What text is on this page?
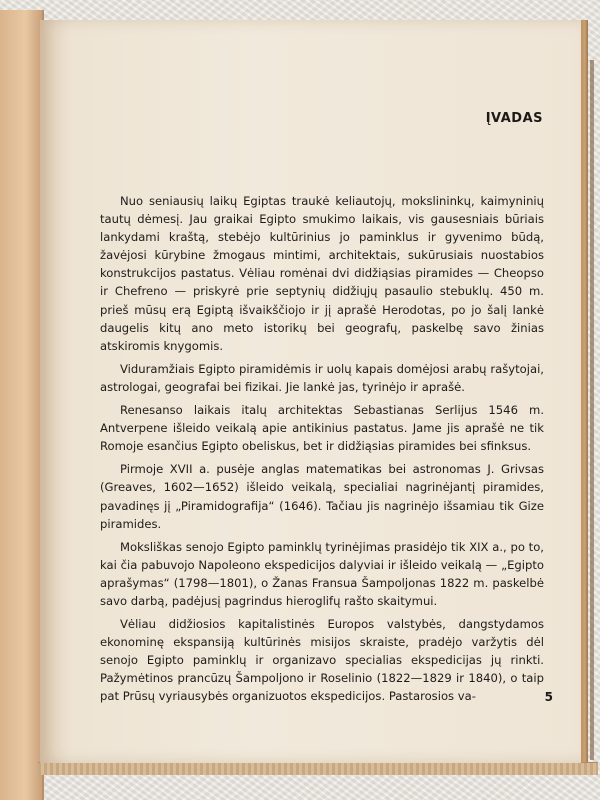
ĮVADAS

Nuo seniausių laikų Egiptas traukė keliautojų, mokslininkų, kaimyninių tautų dėmesį. Jau graikai Egipto smukimo laikais, vis gausesniais būriais lankydami kraštą, stebėjo kultūrinius jo paminklus ir gyvenimo būdą, žavėjosi kūrybine žmogaus mintimi, architektais, sukūrusiais nuostabios konstrukcijos pastatus. Vėliau romėnai dvi didžiąsias piramides — Cheopso ir Chefreno — priskyrė prie septynių didžiųjų pasaulio stebuklų. 450 m. prieš mūsų erą Egiptą išvaikščiojo ir jį aprašė Herodotas, po jo šalį lankė daugelis kitų ano meto istorikų bei geografų, paskelbę savo žinias atskiromis knygomis.

Viduramžiais Egipto piramidėmis ir uolų kapais domėjosi arabų rašytojai, astrologai, geografai bei fizikai. Jie lankė jas, tyrinėjo ir aprašė.

Renesanso laikais italų architektas Sebastianas Serlijus 1546 m. Antverpene išleido veikalą apie antikinius pastatus. Jame jis aprašė ne tik Romoje esančius Egipto obeliskus, bet ir didžiąsias piramides bei sfinksus.

Pirmoje XVII a. pusėje anglas matematikas bei astronomas J. Grivsas (Greaves, 1602—1652) išleido veikalą, specialiai nagrinėjantį piramides, pavadinęs jį „Piramidografija“ (1646). Tačiau jis nagrinėjo išsamiau tik Gize piramides.

Moksliškas senojo Egipto paminklų tyrinėjimas prasidėjo tik XIX a., po to, kai čia pabuvojo Napoleono ekspedicijos dalyviai ir išleido veikalą — „Egipto aprašymas“ (1798—1801), o Žanas Fransua Šampoljonas 1822 m. paskelbė savo darbą, padėjusį pagrindus hieroglifų rašto skaitymui.

Vėliau didžiosios kapitalistinės Europos valstybės, dangstydamos ekonominę ekspansiją kultūrinės misijos skraiste, pradėjo varžytis dėl senojo Egipto paminklų ir organizavo specialias ekspedicijas jų rinkti. Pažymėtinos prancūzų Šampoljono ir Roselinio (1822—1829 ir 1840), o taip pat Prūsų vyriausybės organizuotos ekspedicijos. Pastarosios va-	5
